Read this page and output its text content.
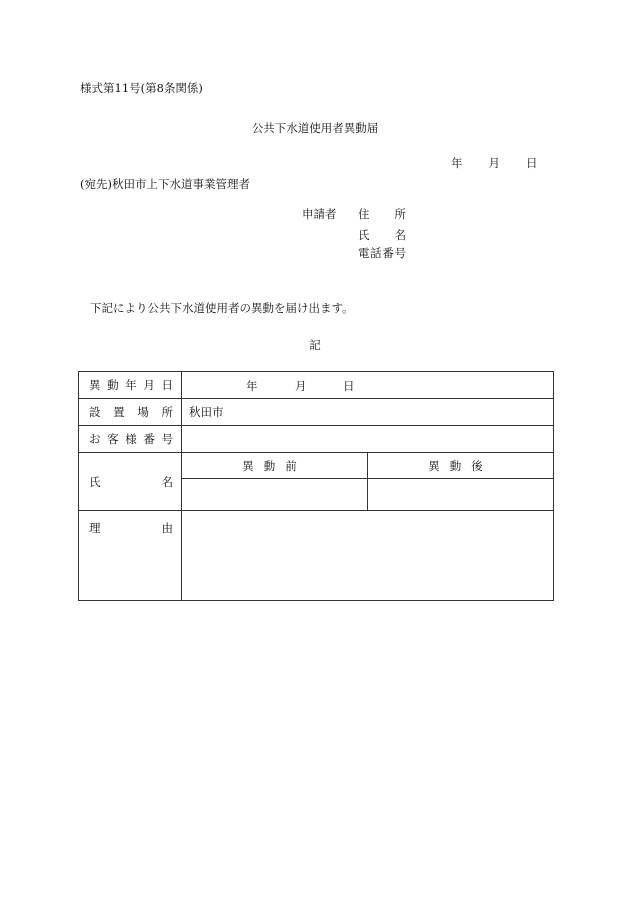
様式第11号(第8条関係)
公共下水道使用者異動届
年 月 日
(宛先)秋田市上下水道事業管理者
申請者 住所
氏名
電話番号
下記により公共下水道使用者の異動を届け出ます。
記
異動年月日	年 月 日	

設置場所	秋田市	
お客様番号		
氏名	異動前	異動後

理由		
